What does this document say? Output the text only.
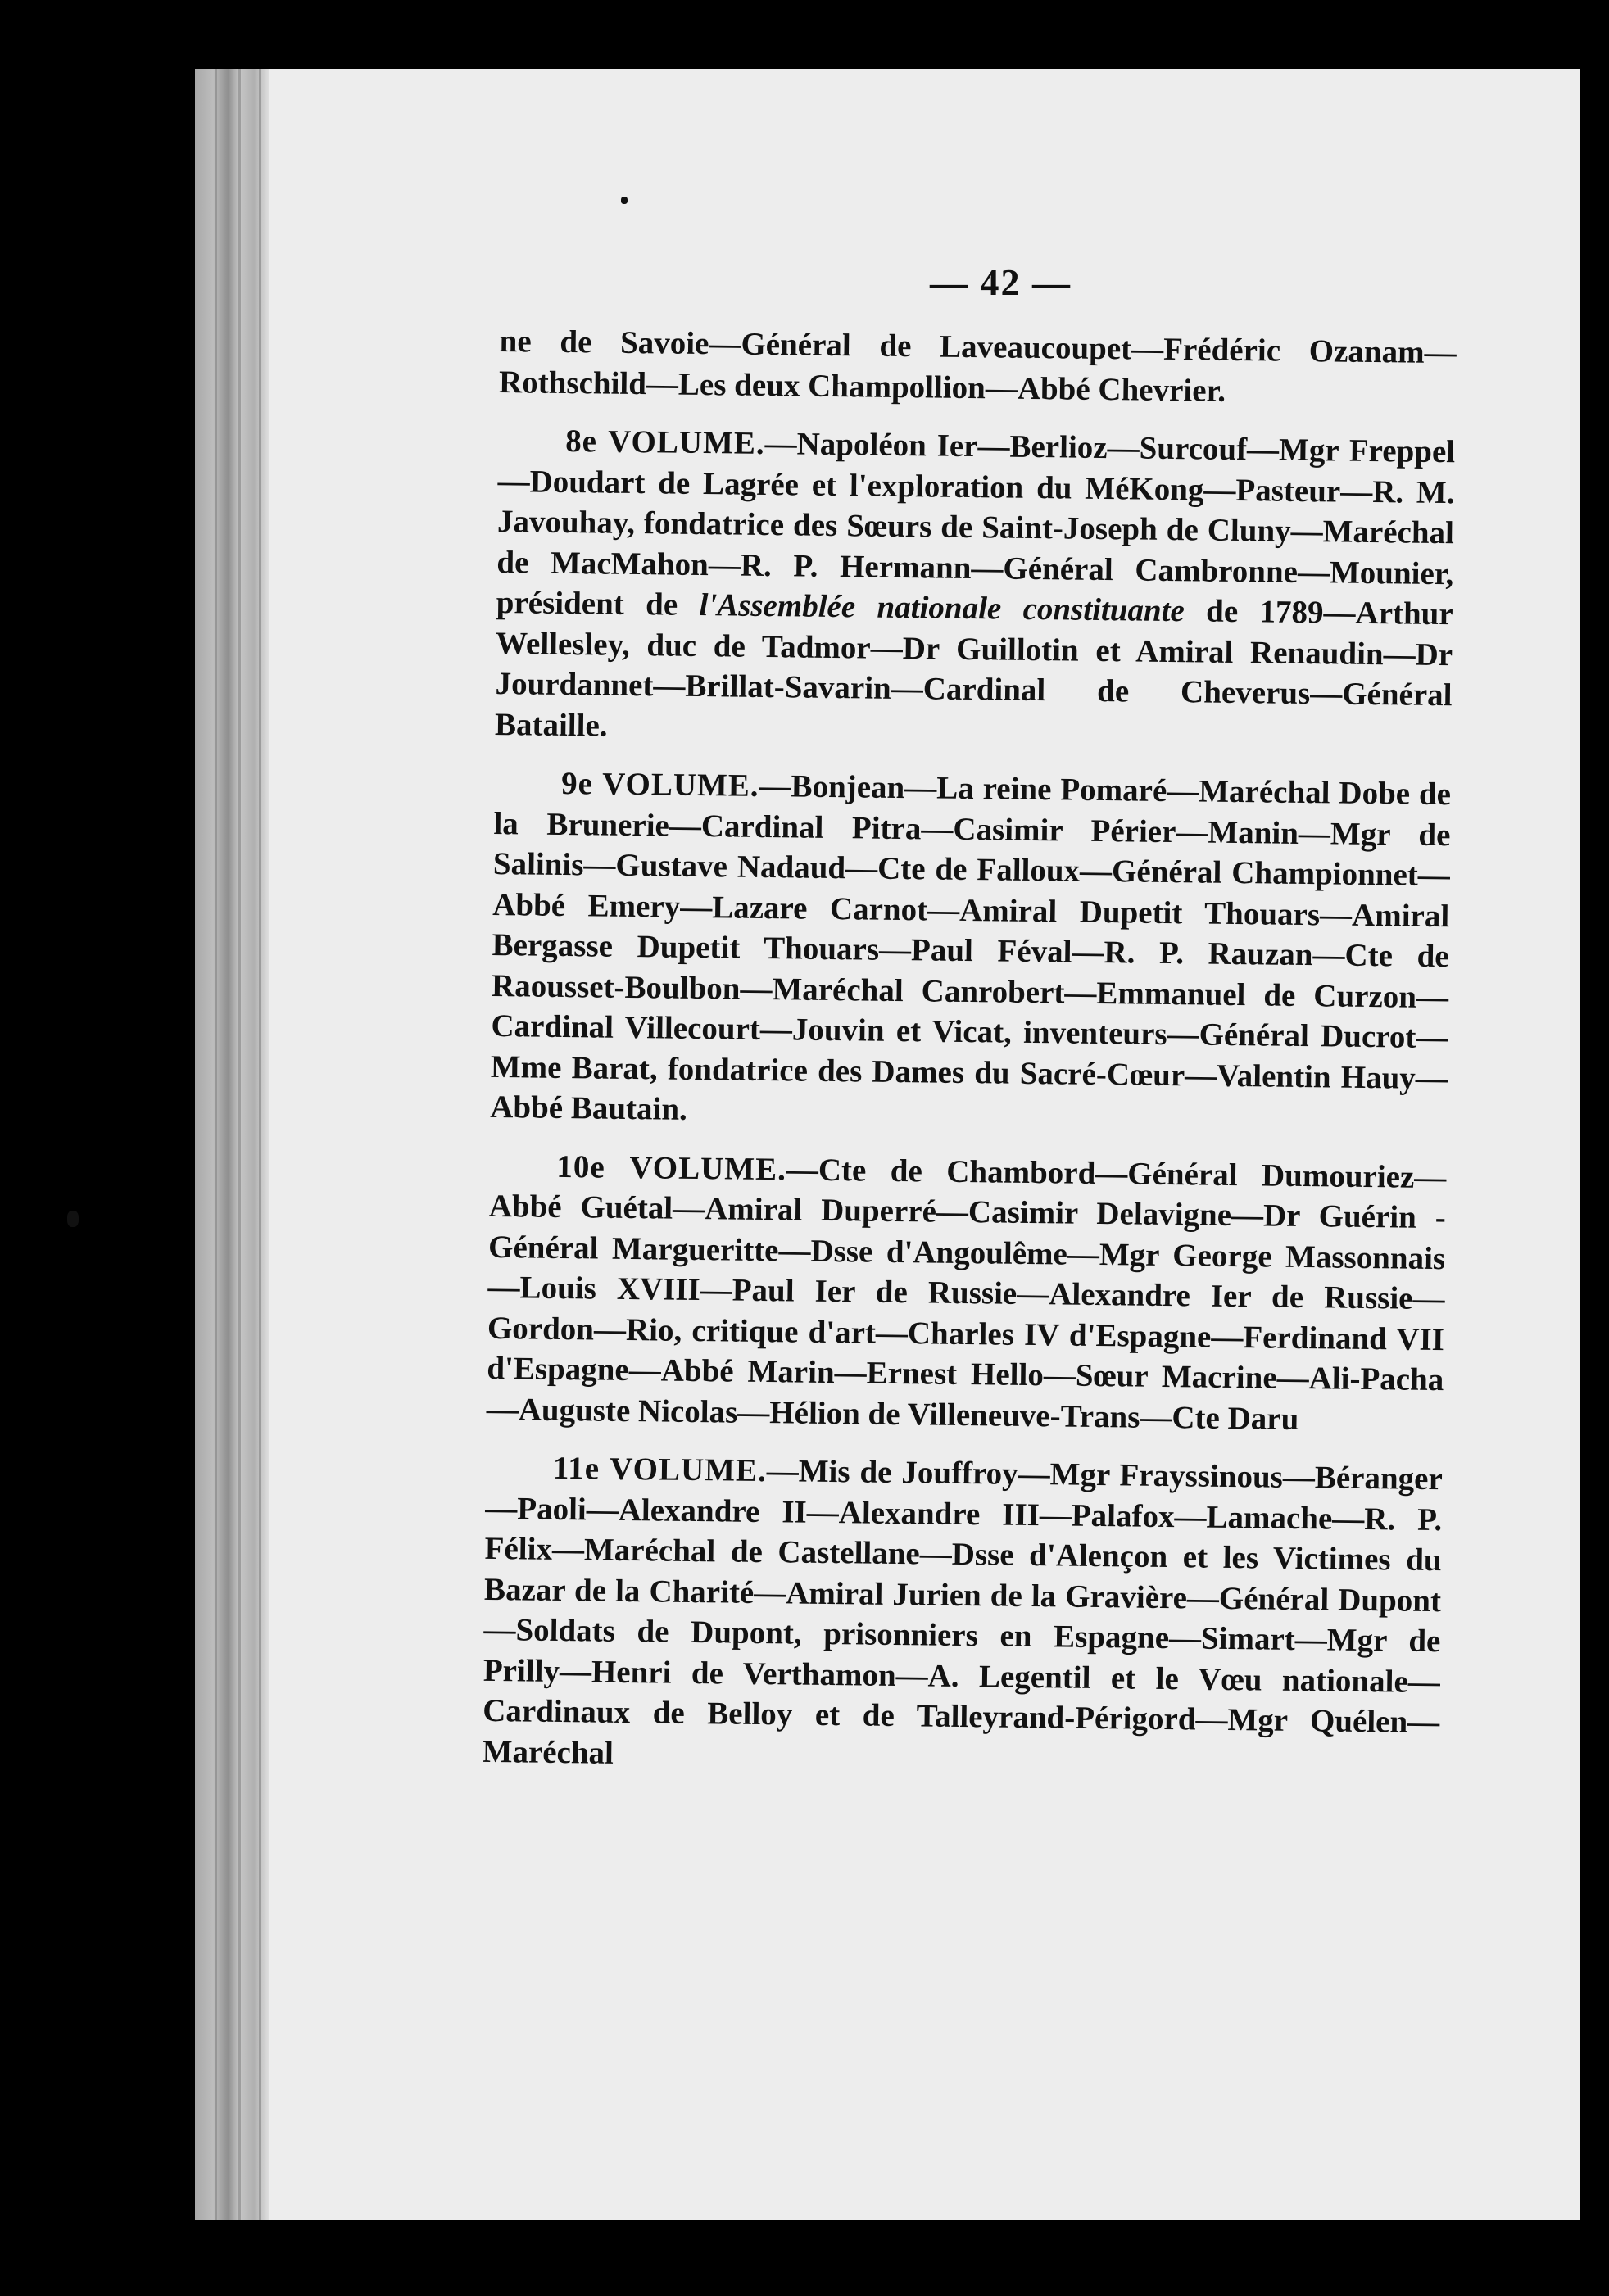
— 42 —

ne de Savoie—Général de Laveaucoupet—Frédéric Ozanam—Rothschild—Les deux Champollion—Abbé Chevrier.

8e VOLUME.—Napoléon Ier—Berlioz—Surcouf—Mgr Freppel—Doudart de Lagrée et l'exploration du MéKong—Pasteur—R. M. Javouhay, fondatrice des Sœurs de Saint-Joseph de Cluny—Maréchal de MacMahon—R. P. Hermann—Général Cambronne—Mounier, président de l'Assemblée nationale constituante de 1789—Arthur Wellesley, duc de Tadmor—Dr Guillotin et Amiral Renaudin—Dr Jourdannet—Brillat-Savarin—Cardinal de Cheverus—Général Bataille.

9e VOLUME.—Bonjean—La reine Pomaré—Maréchal Dobe de la Brunerie—Cardinal Pitra—Casimir Périer—Manin—Mgr de Salinis—Gustave Nadaud—Cte de Falloux—Général Championnet—Abbé Emery—Lazare Carnot—Amiral Dupetit Thouars—Amiral Bergasse Dupetit Thouars—Paul Féval—R. P. Rauzan—Cte de Raousset-Boulbon—Maréchal Canrobert—Emmanuel de Curzon—Cardinal Villecourt—Jouvin et Vicat, inventeurs—Général Ducrot—Mme Barat, fondatrice des Dames du Sacré-Cœur—Valentin Hauy—Abbé Bautain.

10e VOLUME.—Cte de Chambord—Général Dumouriez—Abbé Guétal—Amiral Duperré—Casimir Delavigne—Dr Guérin -Général Margueritte—Dsse d'Angoulême—Mgr George Massonnais—Louis XVIII—Paul Ier de Russie—Alexandre Ier de Russie—Gordon—Rio, critique d'art—Charles IV d'Espagne—Ferdinand VII d'Espagne—Abbé Marin—Ernest Hello—Sœur Macrine—Ali-Pacha—Auguste Nicolas—Hélion de Villeneuve-Trans—Cte Daru

11e VOLUME.—Mis de Jouffroy—Mgr Frayssinous—Béranger—Paoli—Alexandre II—Alexandre III—Palafox—Lamache—R. P. Félix—Maréchal de Castellane—Dsse d'Alençon et les Victimes du Bazar de la Charité—Amiral Jurien de la Gravière—Général Dupont—Soldats de Dupont, prisonniers en Espagne—Simart—Mgr de Prilly—Henri de Verthamon—A. Legentil et le Vœu nationale—Cardinaux de Belloy et de Talleyrand-Périgord—Mgr Quélen—Maréchal
